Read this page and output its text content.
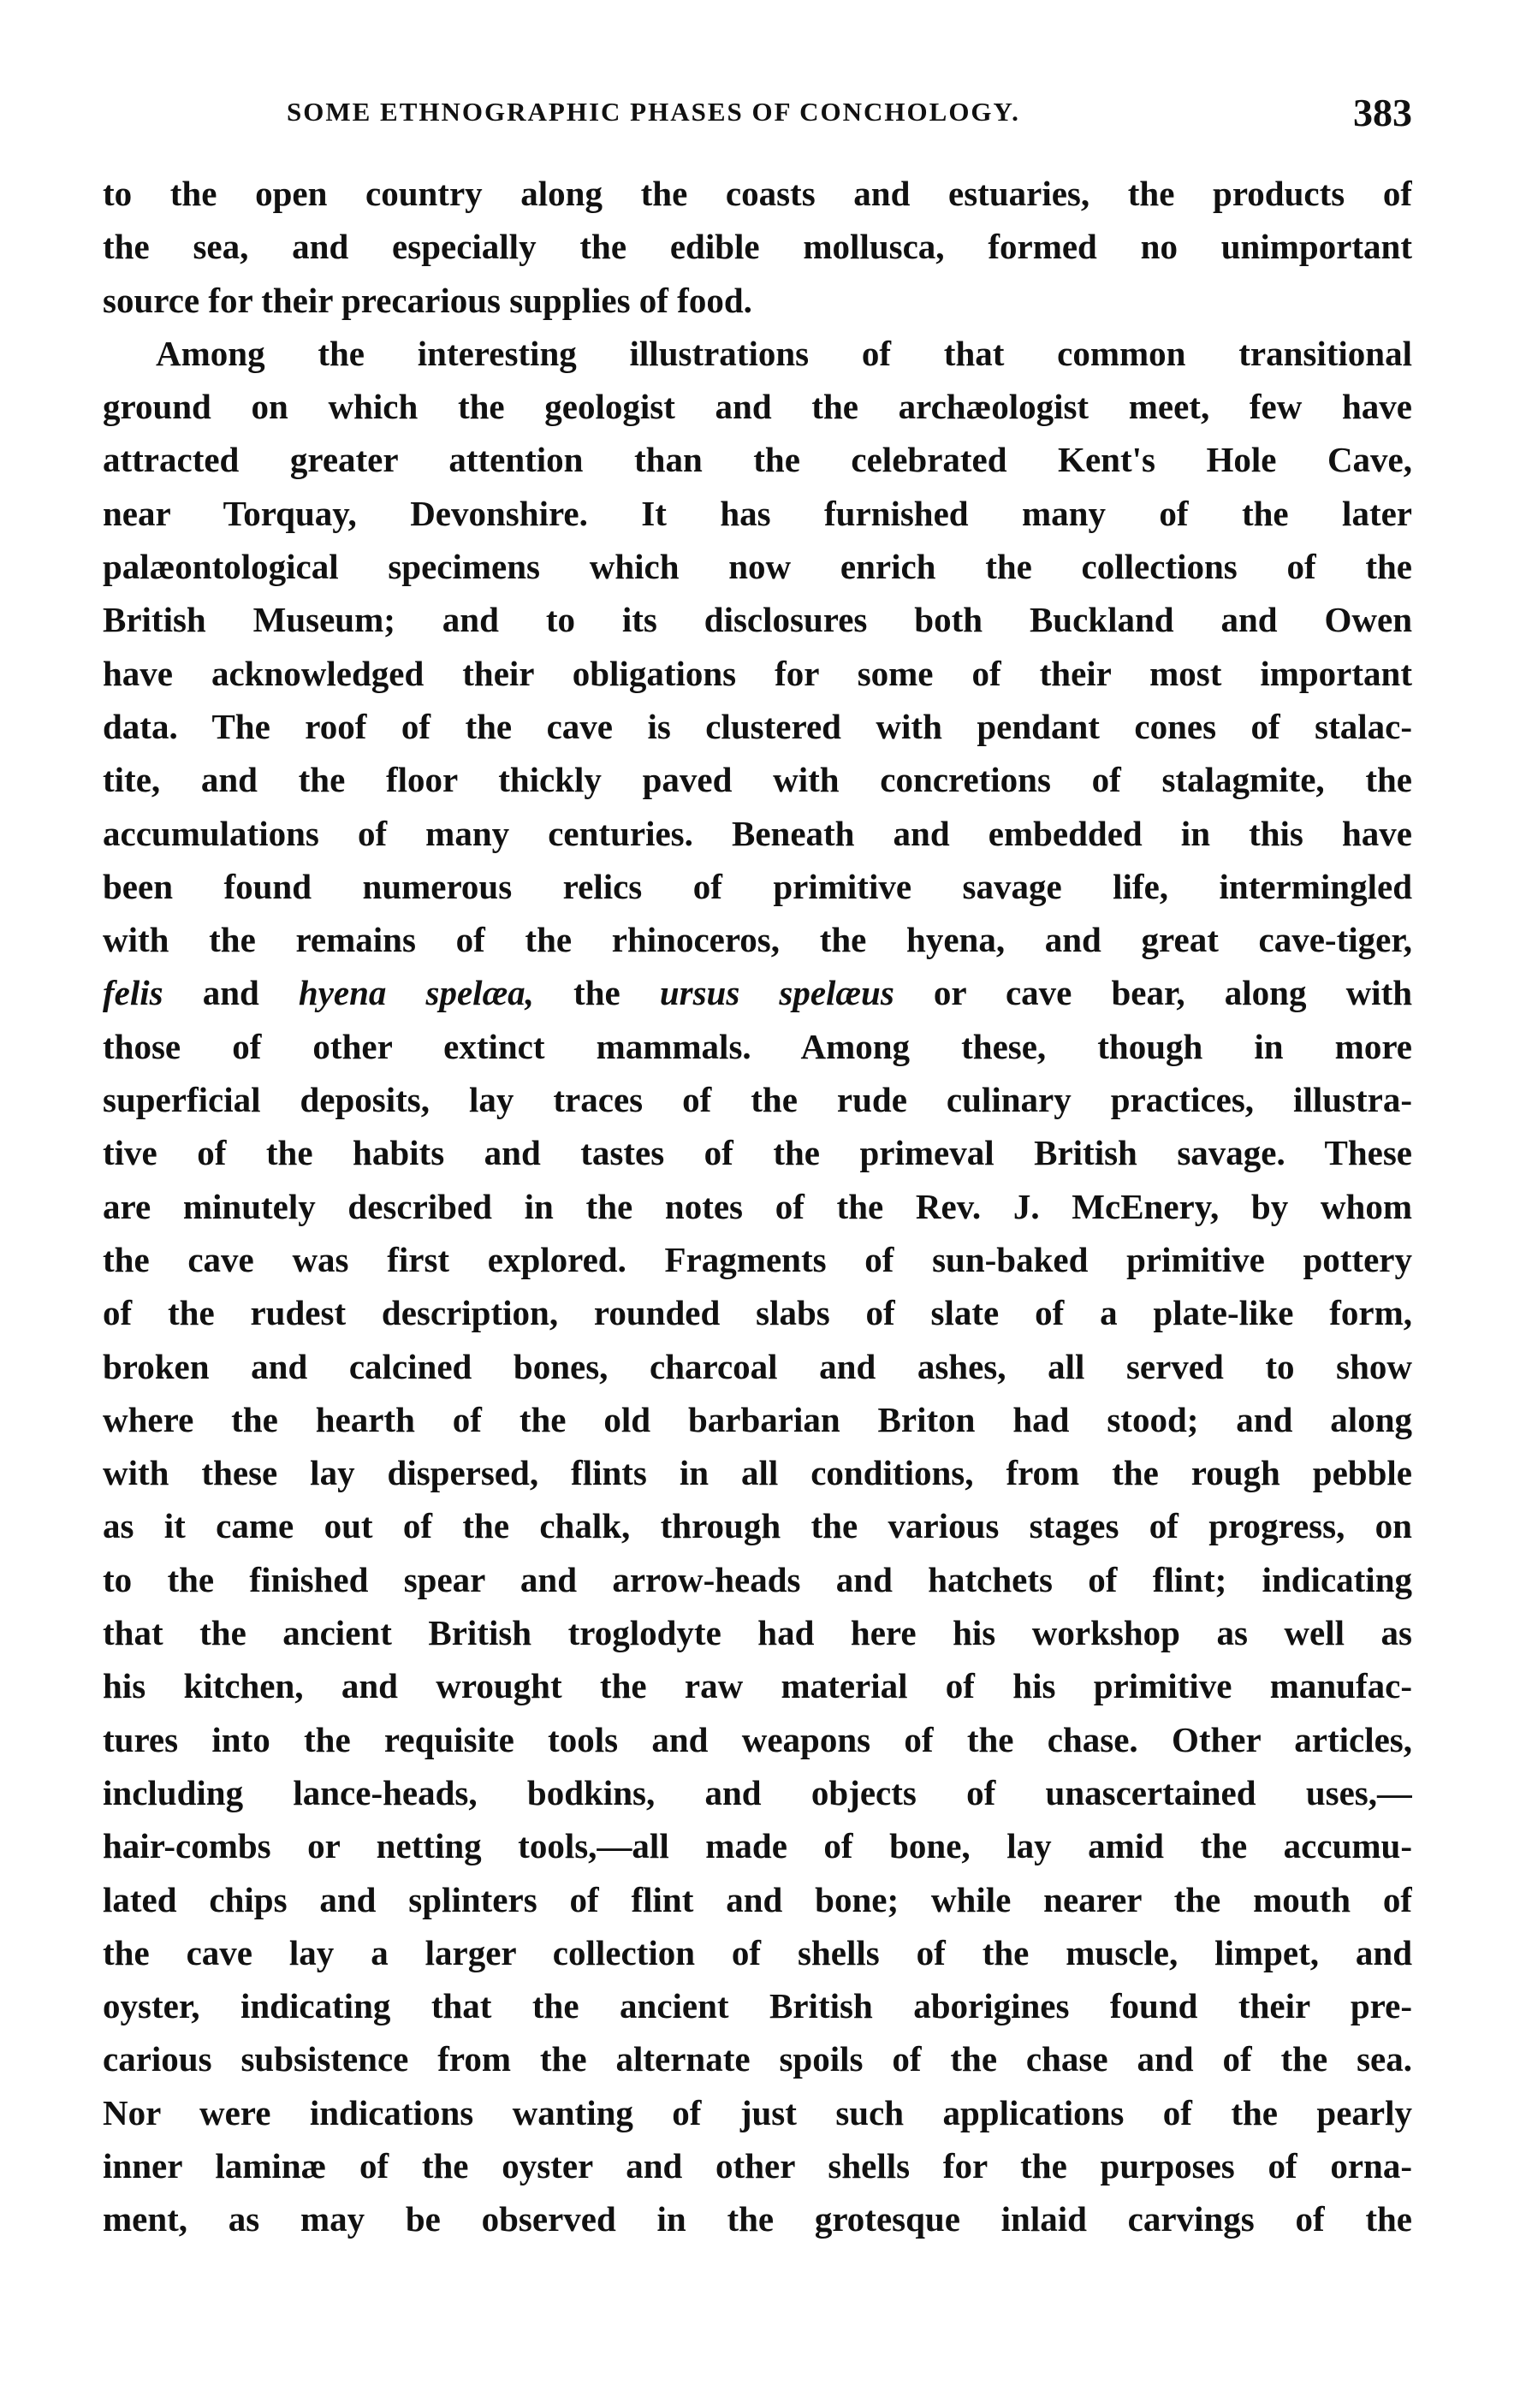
SOME ETHNOGRAPHIC PHASES OF CONCHOLOGY.	383
to the open country along the coasts and estuaries, the products of
the sea, and especially the edible mollusca, formed no unimportant
source for their precarious supplies of food.
Among the interesting illustrations of that common transitional
ground on which the geologist and the archæologist meet, few have
attracted greater attention than the celebrated Kent's Hole Cave,
near Torquay, Devonshire. It has furnished many of the later
palæontological specimens which now enrich the collections of the
British Museum; and to its disclosures both Buckland and Owen
have acknowledged their obligations for some of their most important
data. The roof of the cave is clustered with pendant cones of stalac-
tite, and the floor thickly paved with concretions of stalagmite, the
accumulations of many centuries. Beneath and embedded in this have
been found numerous relics of primitive savage life, intermingled
with the remains of the rhinoceros, the hyena, and great cave-tiger,
felis and hyena spelæa, the ursus spelæus or cave bear, along with
those of other extinct mammals. Among these, though in more
superficial deposits, lay traces of the rude culinary practices, illustra-
tive of the habits and tastes of the primeval British savage. These
are minutely described in the notes of the Rev. J. McEnery, by whom
the cave was first explored. Fragments of sun-baked primitive pottery
of the rudest description, rounded slabs of slate of a plate-like form,
broken and calcined bones, charcoal and ashes, all served to show
where the hearth of the old barbarian Briton had stood; and along
with these lay dispersed, flints in all conditions, from the rough pebble
as it came out of the chalk, through the various stages of progress, on
to the finished spear and arrow-heads and hatchets of flint; indicating
that the ancient British troglodyte had here his workshop as well as
his kitchen, and wrought the raw material of his primitive manufac-
tures into the requisite tools and weapons of the chase. Other articles,
including lance-heads, bodkins, and objects of unascertained uses,—
hair-combs or netting tools,—all made of bone, lay amid the accumu-
lated chips and splinters of flint and bone; while nearer the mouth of
the cave lay a larger collection of shells of the muscle, limpet, and
oyster, indicating that the ancient British aborigines found their pre-
carious subsistence from the alternate spoils of the chase and of the sea.
Nor were indications wanting of just such applications of the pearly
inner laminæ of the oyster and other shells for the purposes of orna-
ment, as may be observed in the grotesque inlaid carvings of the
